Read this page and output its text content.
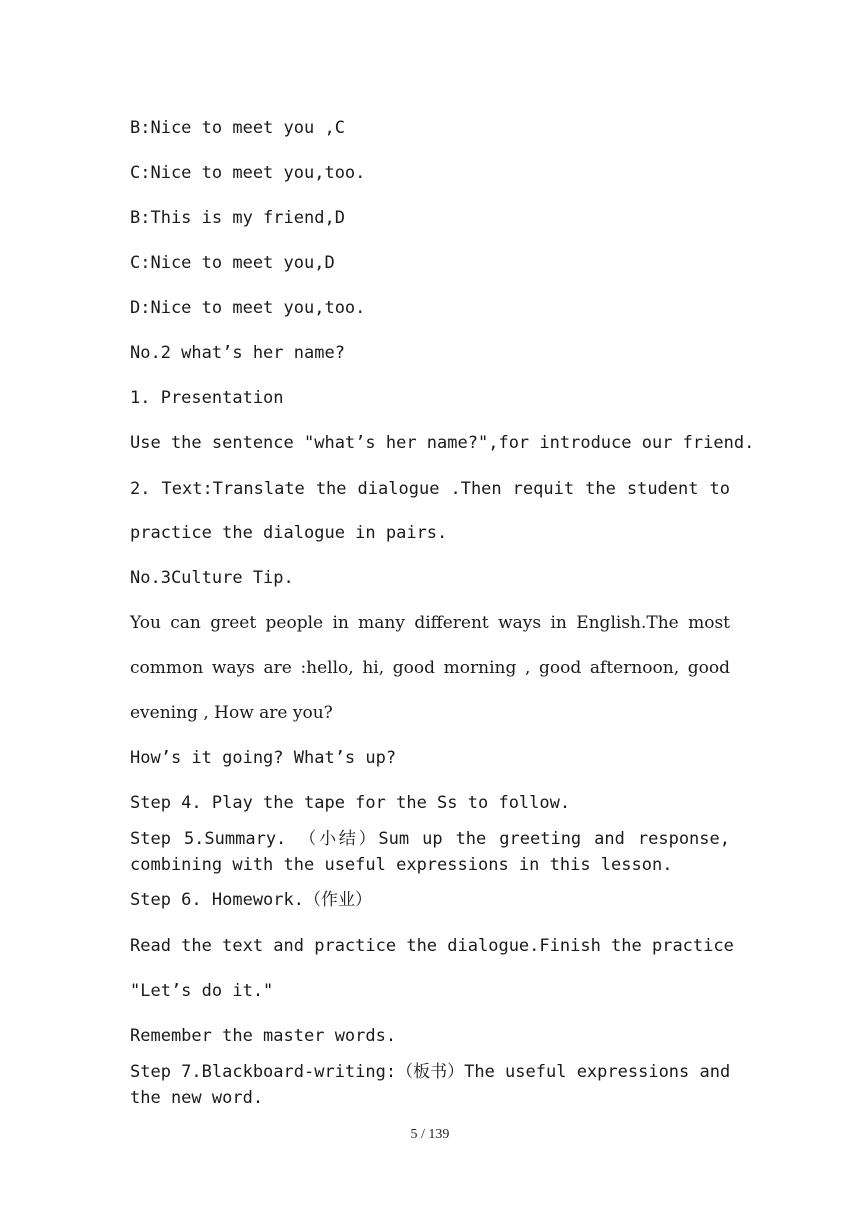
B:Nice to meet you ,C
C:Nice to meet you,too.
B:This is my friend,D
C:Nice to meet you,D
D:Nice to meet you,too.
No.2 what’s her name?
1. Presentation
Use the sentence "what’s her name?",for introduce our friend.
2. Text:Translate the dialogue .Then requit the student to
practice the dialogue in pairs.
No.3Culture Tip.
You can greet people in many different ways in English.The most
common ways are :hello, hi, good morning , good afternoon, good
evening , How are you?
How’s it going? What’s up?
Step 4. Play the tape for the Ss to follow.
Step 5.Summary. （小结）Sum up the greeting and response,
combining with the useful expressions in this lesson.
Step 6. Homework.（作业）
Read the text and practice the dialogue.Finish the practice
"Let’s do it."
Remember the master words.
Step 7.Blackboard-writing:（板书）The useful expressions and
the new word.
5 / 139
